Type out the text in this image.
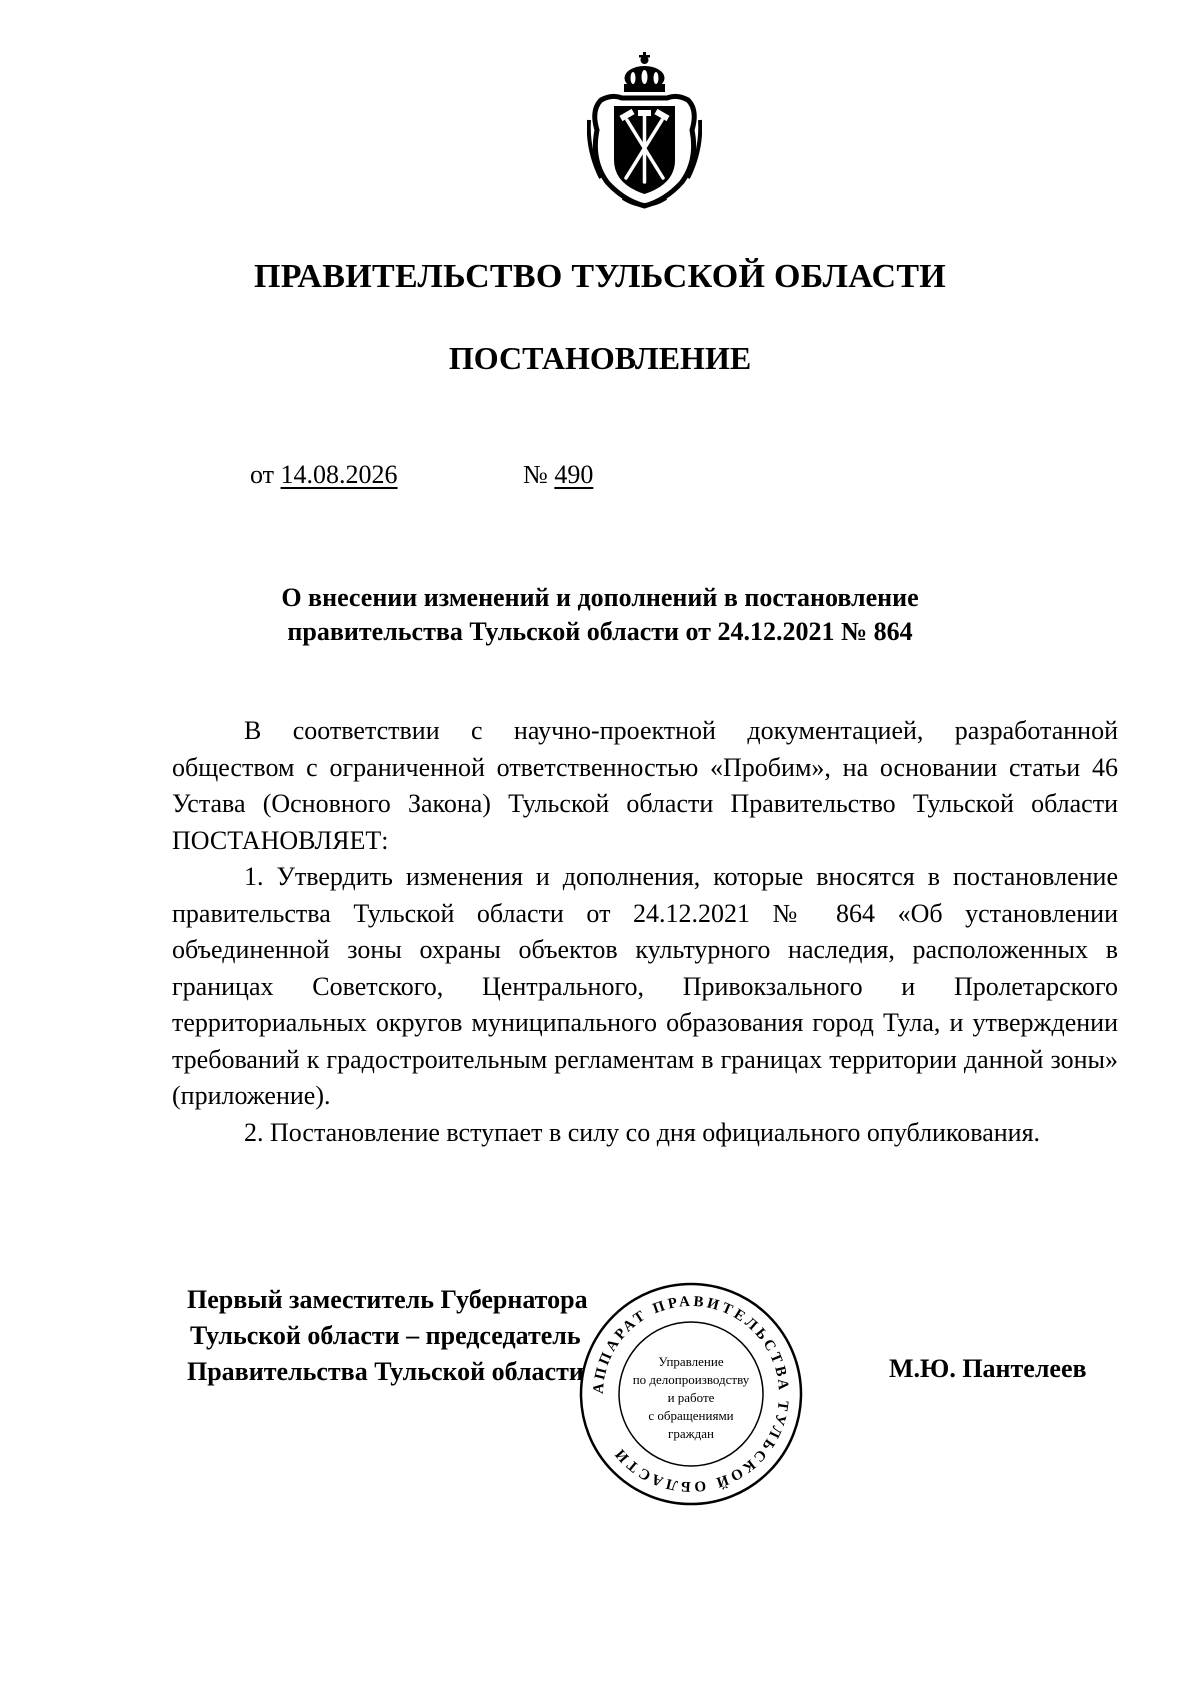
ПРАВИТЕЛЬСТВО ТУЛЬСКОЙ ОБЛАСТИ
ПОСТАНОВЛЕНИЕ
от 14.08.2026	№ 490
О внесении изменений и дополнений в постановление
правительства Тульской области от 24.12.2021 № 864

В соответствии с научно-проектной документацией, разработанной обществом с ограниченной ответственностью «Пробим», на основании статьи 46 Устава (Основного Закона) Тульской области Правительство Тульской области ПОСТАНОВЛЯЕТ:

1. Утвердить изменения и дополнения, которые вносятся в постановление правительства Тульской области от 24.12.2021 № 864 «Об установлении объединенной зоны охраны объектов культурного наследия, расположенных в границах Советского, Центрального, Привокзального и Пролетарского территориальных округов муниципального образования город Тула, и утверждении требований к градостроительным регламентам в границах территории данной зоны» (приложение).

2. Постановление вступает в силу со дня официального опубликования.

Первый заместитель Губернатора
Тульской области – председатель
Правительства Тульской области	М.Ю. Пантелеев
АППАРАТ ПРАВИТЕЛЬСТВА ТУЛЬСКОЙ ОБЛАСТИ
Управление
по делопроизводству
и работе
с обращениями
граждан
